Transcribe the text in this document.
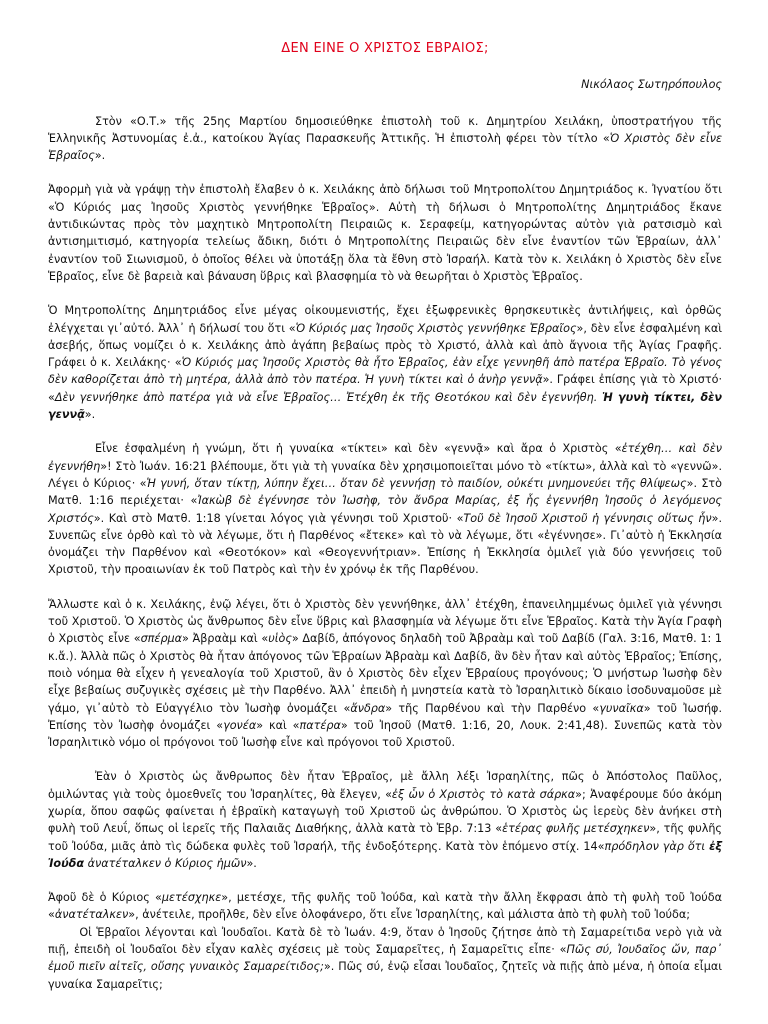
ΔΕΝ ΕΙΝΕ Ο ΧΡΙΣΤΟΣ ΕΒΡΑΙΟΣ;
Νικόλαος Σωτηρόπουλος

Στὸν «Ο.Τ.» τῆς 25ης Μαρτίου δημοσιεύθηκε ἐπιστολὴ τοῦ κ. Δημητρίου Χειλάκη, ὑποστρατήγου τῆς Ἑλληνικῆς Ἀστυνομίας ἐ.ἀ., κατοίκου Ἁγίας Παρασκευῆς Ἀττικῆς. Ἡ ἐπιστολὴ φέρει τὸν τίτλο «Ὁ Χριστὸς δὲν εἶνε Ἑβραῖος».

Ἀφορμὴ γιὰ νὰ γράψῃ τὴν ἐπιστολὴ ἔλαβεν ὁ κ. Χειλάκης ἀπὸ δήλωσι τοῦ Μητροπολίτου Δημητριάδος κ. Ἰγνατίου ὅτι «Ὁ Κύριός μας Ἰησοῦς Χριστὸς γεννήθηκε Ἑβραῖος». Αὐτὴ τὴ δήλωσι ὁ Μητροπολίτης Δημητριάδος ἔκανε ἀντιδικώντας πρὸς τὸν μαχητικὸ Μητροπολίτη Πειραιῶς κ. Σεραφείμ, κατηγορώντας αὐτὸν γιὰ ρατσισμὸ καὶ ἀντισημιτισμό, κατηγορία τελείως ἄδικη, διότι ὁ Μητροπολίτης Πειραιῶς δὲν εἶνε ἐναντίον τῶν Ἑβραίων, ἀλλ᾽ ἐναντίον τοῦ Σιωνισμοῦ, ὁ ὁποῖος θέλει νὰ ὑποτάξῃ ὅλα τὰ ἔθνη στὸ Ἰσραήλ. Κατὰ τὸν κ. Χειλάκη ὁ Χριστὸς δὲν εἶνε Ἑβραῖος, εἶνε δὲ βαρειὰ καὶ βάναυση ὕβρις καὶ βλασφημία τὸ νὰ θεωρῆται ὁ Χριστὸς Ἑβραῖος.

Ὁ Μητροπολίτης Δημητριάδος εἶνε μέγας οἰκουμενιστής, ἔχει ἐξωφρενικὲς θρησκευτικὲς ἀντιλήψεις, καὶ ὀρθῶς ἐλέγχεται γι᾽αὐτό. Ἀλλ᾽ ἡ δήλωσί του ὅτι «Ὁ Κύριός μας Ἰησοῦς Χριστὸς γεννήθηκε Ἑβραῖος», δὲν εἶνε ἐσφαλμένη καὶ ἀσεβής, ὅπως νομίζει ὁ κ. Χειλάκης ἀπὸ ἀγάπη βεβαίως πρὸς τὸ Χριστό, ἀλλὰ καὶ ἀπὸ ἄγνοια τῆς Ἁγίας Γραφῆς. Γράφει ὁ κ. Χειλάκης· «Ὁ Κύριός μας Ἰησοῦς Χριστὸς θὰ ἦτο Ἑβραῖος, ἐὰν εἶχε γεννηθῆ ἀπὸ πατέρα Ἑβραῖο. Τὸ γένος δὲν καθορίζεται ἀπὸ τὴ μητέρα, ἀλλὰ ἀπὸ τὸν πατέρα. Ἡ γυνὴ τίκτει καὶ ὁ ἀνὴρ γεννᾷ». Γράφει ἐπίσης γιὰ τὸ Χριστό· «Δὲν γεννήθηκε ἀπὸ πατέρα γιὰ νὰ εἶνε Ἑβραῖος… Ἐτέχθη ἐκ τῆς Θεοτόκου καὶ δὲν ἐγεννήθη. Ἡ γυνὴ τίκτει, δὲν γεννᾷ».

Εἶνε ἐσφαλμένη ἡ γνώμη, ὅτι ἡ γυναίκα «τίκτει» καὶ δὲν «γεννᾷ» καὶ ἄρα ὁ Χριστὸς «ἐτέχθη… καὶ δὲν ἐγεννήθη»! Στὸ Ἰωάν. 16:21 βλέπουμε, ὅτι γιὰ τὴ γυναίκα δὲν χρησιμοποιεῖται μόνο τὸ «τίκτω», ἀλλὰ καὶ τὸ «γεννῶ». Λέγει ὁ Κύριος· «Ἡ γυνή, ὅταν τίκτῃ, λύπην ἔχει… ὅταν δὲ γεννήσῃ τὸ παιδίον, οὐκέτι μνημονεύει τῆς θλίψεως». Στὸ Ματθ. 1:16 περιέχεται· «Ἰακὼβ δὲ ἐγέννησε τὸν Ἰωσὴφ, τὸν ἄνδρα Μαρίας, ἐξ ἧς ἐγεννήθη Ἰησοῦς ὁ λεγόμενος Χριστός». Καὶ στὸ Ματθ. 1:18 γίνεται λόγος γιὰ γέννησι τοῦ Χριστοῦ· «Τοῦ δὲ Ἰησοῦ Χριστοῦ ἡ γέννησις οὕτως ἦν». Συνεπῶς εἶνε ὀρθὸ καὶ τὸ νὰ λέγωμε, ὅτι ἡ Παρθένος «ἔτεκε» καὶ τὸ νὰ λέγωμε, ὅτι «ἐγέννησε». Γι᾽αὐτὸ ἡ Ἐκκλησία ὀνομάζει τὴν Παρθένον καὶ «Θεοτόκον» καὶ «Θεογεννήτριαν». Ἐπίσης ἡ Ἐκκλησία ὁμιλεῖ γιὰ δύο γεννήσεις τοῦ Χριστοῦ, τὴν προαιωνίαν ἐκ τοῦ Πατρὸς καὶ τὴν ἐν χρόνῳ ἐκ τῆς Παρθένου.

Ἄλλωστε καὶ ὁ κ. Χειλάκης, ἐνῷ λέγει, ὅτι ὁ Χριστὸς δὲν γεννήθηκε, ἀλλ᾽ ἐτέχθη, ἐπανειλημμένως ὁμιλεῖ γιὰ γέννησι τοῦ Χριστοῦ. Ὁ Χριστὸς ὡς ἄνθρωπος δὲν εἶνε ὕβρις καὶ βλασφημία νὰ λέγωμε ὅτι εἶνε Ἑβραῖος. Κατὰ τὴν Ἁγία Γραφὴ ὁ Χριστὸς εἶνε «σπέρμα» Ἀβραὰμ καὶ «υἱὸς» Δαβίδ, ἀπόγονος δηλαδὴ τοῦ Ἀβραὰμ καὶ τοῦ Δαβίδ (Γαλ. 3:16, Ματθ. 1: 1 κ.ἄ.). Ἀλλὰ πῶς ὁ Χριστὸς θὰ ἦταν ἀπόγονος τῶν Ἑβραίων Ἀβραὰμ καὶ Δαβίδ, ἂν δὲν ἦταν καὶ αὐτὸς Ἑβραῖος; Ἐπίσης, ποιὸ νόημα θὰ εἶχεν ἡ γενεαλογία τοῦ Χριστοῦ, ἂν ὁ Χριστὸς δὲν εἶχεν Ἑβραίους προγόνους; Ὁ μνήστωρ Ἰωσὴφ δὲν εἶχε βεβαίως συζυγικὲς σχέσεις μὲ τὴν Παρθένο. Ἀλλ᾽ ἐπειδὴ ἡ μνηστεία κατὰ τὸ Ἰσραηλιτικὸ δίκαιο ἰσοδυναμοῦσε μὲ γάμο, γι᾽αὐτὸ τὸ Εὐαγγέλιο τὸν Ἰωσὴφ ὀνομάζει «ἄνδρα» τῆς Παρθένου καὶ τὴν Παρθένο «γυναῖκα» τοῦ Ἰωσήφ. Ἐπίσης τὸν Ἰωσὴφ ὀνομάζει «γονέα» καὶ «πατέρα» τοῦ Ἰησοῦ (Ματθ. 1:16, 20, Λουκ. 2:41,48). Συνεπῶς κατὰ τὸν Ἰσραηλιτικὸ νόμο οἱ πρόγονοι τοῦ Ἰωσὴφ εἶνε καὶ πρόγονοι τοῦ Χριστοῦ.

Ἐὰν ὁ Χριστὸς ὡς ἄνθρωπος δὲν ἦταν Ἑβραῖος, μὲ ἄλλη λέξι Ἰσραηλίτης, πῶς ὁ Ἀπόστολος Παῦλος, ὁμιλώντας γιὰ τοὺς ὁμοεθνεῖς του Ἰσραηλίτες, θὰ ἔλεγεν, «ἐξ ὧν ὁ Χριστὸς τὸ κατὰ σάρκα»; Ἀναφέρουμε δύο ἀκόμη χωρία, ὅπου σαφῶς φαίνεται ἡ ἑβραϊκὴ καταγωγὴ τοῦ Χριστοῦ ὡς ἀνθρώπου. Ὁ Χριστὸς ὡς ἱερεὺς δὲν ἀνήκει στὴ φυλὴ τοῦ Λευΐ, ὅπως οἱ ἱερεῖς τῆς Παλαιᾶς Διαθήκης, ἀλλὰ κατὰ τὸ Ἑβρ. 7:13 «ἑτέρας φυλῆς μετέσχηκεν», τῆς φυλῆς τοῦ Ἰούδα, μιᾶς ἀπὸ τὶς δώδεκα φυλὲς τοῦ Ἰσραήλ, τῆς ἐνδοξότερης. Κατὰ τὸν ἑπόμενο στίχ. 14«πρόδηλον γὰρ ὅτι ἐξ Ἰούδα ἀνατέταλκεν ὁ Κύριος ἡμῶν».

Ἀφοῦ δὲ ὁ Κύριος «μετέσχηκε», μετέσχε, τῆς φυλῆς τοῦ Ἰούδα, καὶ κατὰ τὴν ἄλλη ἔκφρασι ἀπὸ τὴ φυλὴ τοῦ Ἰούδα «ἀνατέταλκεν», ἀνέτειλε, προῆλθε, δὲν εἶνε ὁλοφάνερο, ὅτι εἶνε Ἰσραηλίτης, καὶ μάλιστα ἀπὸ τὴ φυλὴ τοῦ Ἰούδα;

Οἱ Ἑβραῖοι λέγονται καὶ Ἰουδαῖοι. Κατὰ δὲ τὸ Ἰωάν. 4:9, ὅταν ὁ Ἰησοῦς ζήτησε ἀπὸ τὴ Σαμαρείτιδα νερὸ γιὰ νὰ πιῇ, ἐπειδὴ οἱ Ἰουδαῖοι δὲν εἶχαν καλὲς σχέσεις μὲ τοὺς Σαμαρεῖτες, ἡ Σαμαρεῖτις εἶπε· «Πῶς σύ, Ἰουδαῖος ὤν, παρ᾽ ἐμοῦ πιεῖν αἰτεῖς, οὔσης γυναικὸς Σαμαρείτιδος;». Πῶς σύ, ἐνῷ εἶσαι Ἰουδαῖος, ζητεῖς νὰ πιῇς ἀπὸ μένα, ἡ ὁποία εἶμαι γυναίκα Σαμαρεῖτις;
